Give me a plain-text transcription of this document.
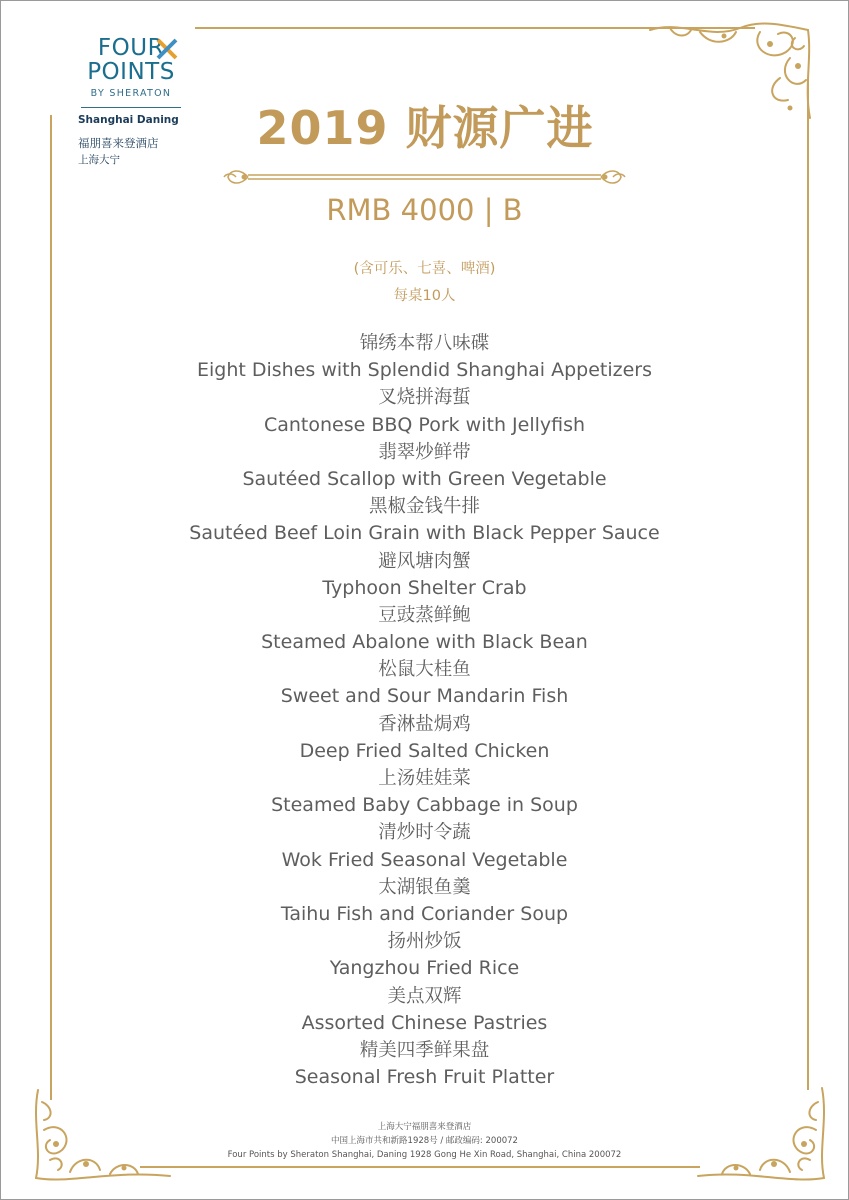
FOUR
POINTS
BY SHERATON
Shanghai Daning
福朋喜来登酒店
上海大宁
2019 财源广进
RMB 4000 | B
(含可乐、七喜、啤酒)
每桌10人
锦绣本帮八味碟
Eight Dishes with Splendid Shanghai Appetizers
叉烧拼海蜇
Cantonese BBQ Pork with Jellyfish
翡翠炒鲜带
Sautéed Scallop with Green Vegetable
黑椒金钱牛排
Sautéed Beef Loin Grain with Black Pepper Sauce
避风塘肉蟹
Typhoon Shelter Crab
豆豉蒸鲜鲍
Steamed Abalone with Black Bean
松鼠大桂鱼
Sweet and Sour Mandarin Fish
香淋盐焗鸡
Deep Fried Salted Chicken
上汤娃娃菜
Steamed Baby Cabbage in Soup
清炒时令蔬
Wok Fried Seasonal Vegetable
太湖银鱼羹
Taihu Fish and Coriander Soup
扬州炒饭
Yangzhou Fried Rice
美点双辉
Assorted Chinese Pastries
精美四季鲜果盘
Seasonal Fresh Fruit Platter
上海大宁福朋喜来登酒店
中国上海市共和新路1928号 / 邮政编码: 200072
Four Points by Sheraton Shanghai, Daning 1928 Gong He Xin Road, Shanghai, China 200072
